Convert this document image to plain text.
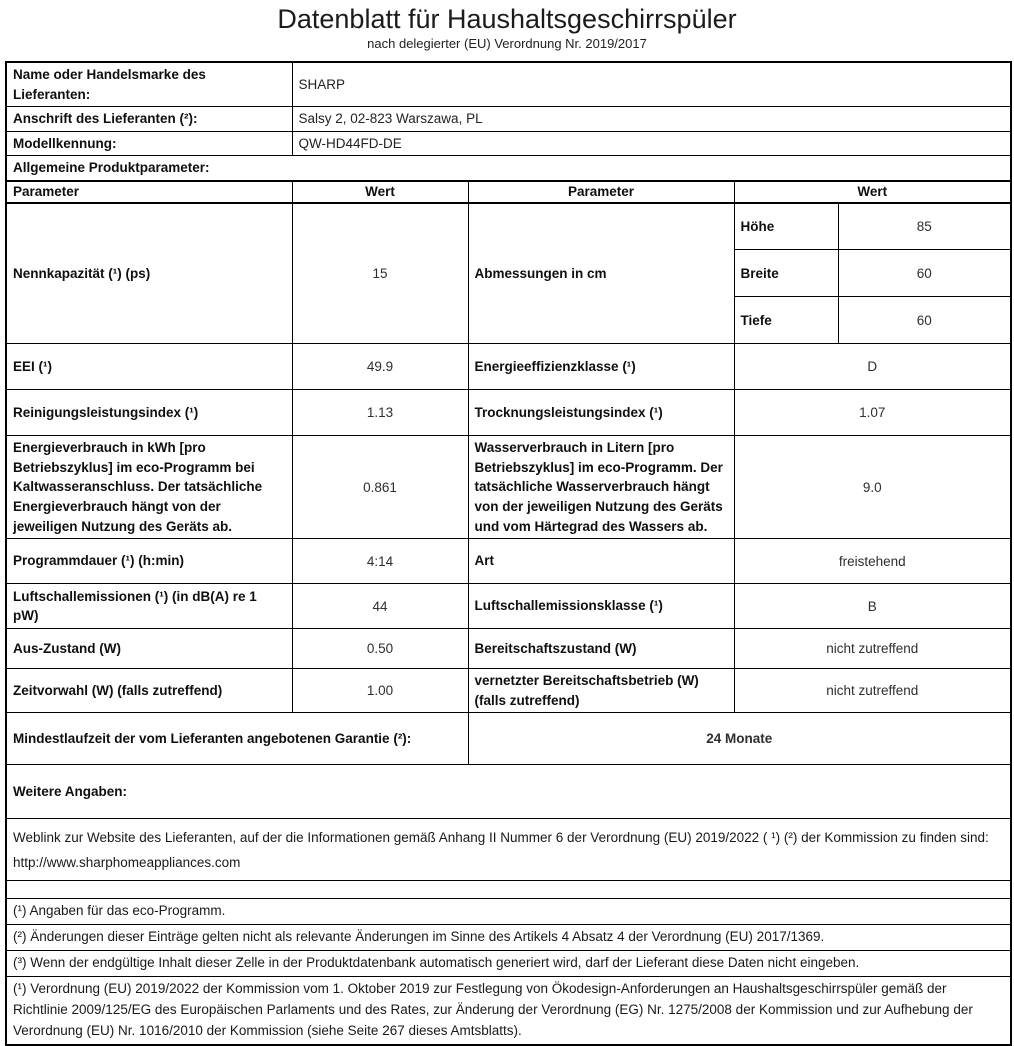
Datenblatt für Haushaltsgeschirrspüler
nach delegierter (EU) Verordnung Nr. 2019/2017
Name oder Handelsmarke des Lieferanten:	SHARP			
Anschrift des Lieferanten (²):	Salsy 2, 02-823 Warszawa, PL			
Modellkennung:	QW-HD44FD-DE			
Allgemeine Produktparameter:				
Parameter	Wert	Parameter	Wert	
Nennkapazität (¹) (ps)	15	Abmessungen in cm	Höhe	85
			Breite	60
			Tiefe	60
EEI (¹)	49.9	Energieeffizienzklasse (¹)	D	
Reinigungsleistungsindex (¹)	1.13	Trocknungsleistungsindex (¹)	1.07	
Energieverbrauch in kWh [pro Betriebszyklus] im eco-Programm bei Kaltwasseranschluss. Der tatsächliche Energieverbrauch hängt von der jeweiligen Nutzung des Geräts ab.	0.861	Wasserverbrauch in Litern [pro Betriebszyklus] im eco-Programm. Der tatsächliche Wasserverbrauch hängt von der jeweiligen Nutzung des Geräts und vom Härtegrad des Wassers ab.	9.0	
Programmdauer (¹) (h:min)	4:14	Art	freistehend	
Luftschallemissionen (¹) (in dB(A) re 1 pW)	44	Luftschallemissionsklasse (¹)	B	
Aus-Zustand (W)	0.50	Bereitschaftszustand (W)	nicht zutreffend	
Zeitvorwahl (W) (falls zutreffend)	1.00	vernetzter Bereitschaftsbetrieb (W) (falls zutreffend)	nicht zutreffend	
Mindestlaufzeit der vom Lieferanten angebotenen Garantie (²):		24 Monate		
Weitere Angaben:				
Weblink zur Website des Lieferanten, auf der die Informationen gemäß Anhang II Nummer 6 der Verordnung (EU) 2019/2022 ( ¹) (²) der Kommission zu finden sind: http://www.sharphomeappliances.com				

(¹) Angaben für das eco-Programm.				
(²) Änderungen dieser Einträge gelten nicht als relevante Änderungen im Sinne des Artikels 4 Absatz 4 der Verordnung (EU) 2017/1369.				
(³) Wenn der endgültige Inhalt dieser Zelle in der Produktdatenbank automatisch generiert wird, darf der Lieferant diese Daten nicht eingeben.				
(¹) Verordnung (EU) 2019/2022 der Kommission vom 1. Oktober 2019 zur Festlegung von Ökodesign-Anforderungen an Haushaltsgeschirrspüler gemäß der Richtlinie 2009/125/EG des Europäischen Parlaments und des Rates, zur Änderung der Verordnung (EG) Nr. 1275/2008 der Kommission und zur Aufhebung der Verordnung (EU) Nr. 1016/2010 der Kommission (siehe Seite 267 dieses Amtsblatts).				
